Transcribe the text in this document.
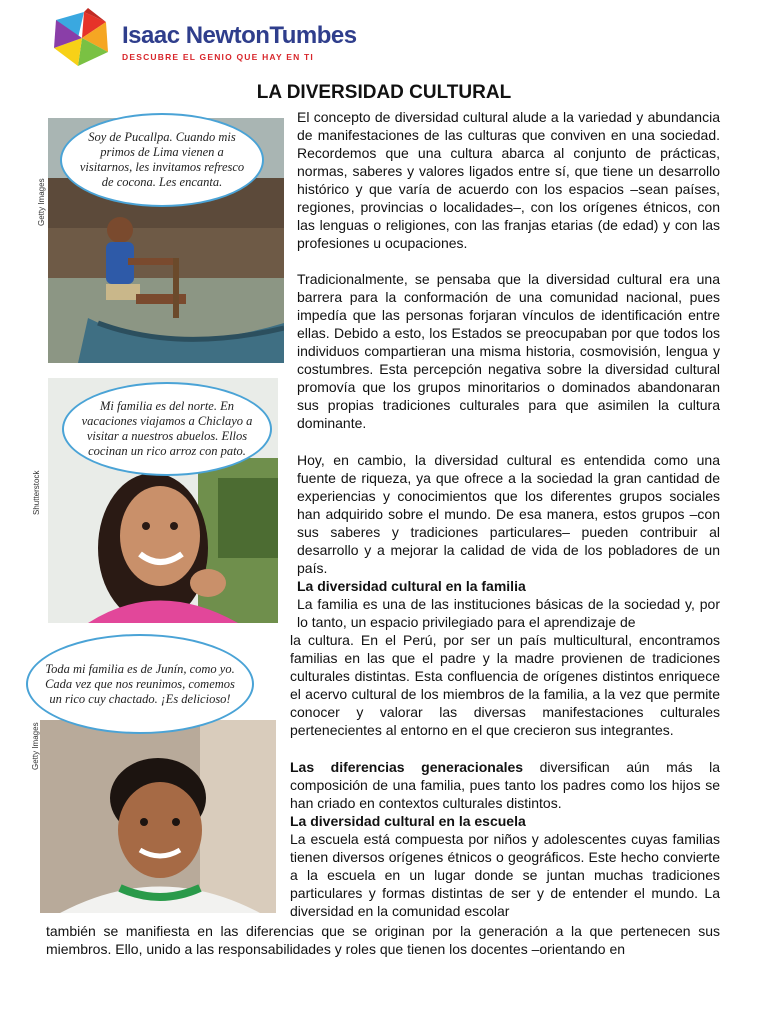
Isaac NewtonTumbes
DESCUBRE EL GENIO QUE HAY EN TI
LA DIVERSIDAD CULTURAL
Getty Images
Soy de Pucallpa. Cuando mis primos de Lima vienen a visitarnos, les invitamos refresco de cocona. Les encanta.
Shutterstock
Mi familia es del norte. En vacaciones viajamos a Chiclayo a visitar a nuestros abuelos. Ellos cocinan un rico arroz con pato.
Getty Images
Toda mi familia es de Junín, como yo. Cada vez que nos reunimos, comemos un rico cuy chactado. ¡Es delicioso!
El concepto de diversidad cultural alude a la variedad y abundancia de manifestaciones de las culturas que conviven en una sociedad. Recordemos que una cultura abarca al conjunto de prácticas, normas, saberes y valores ligados entre sí, que tiene un desarrollo histórico y que varía de acuerdo con los espacios –sean países, regiones, provincias o localidades–, con los orígenes étnicos, con las lenguas o religiones, con las franjas etarias (de edad) y con las profesiones u ocupaciones.
Tradicionalmente, se pensaba que la diversidad cultural era una barrera para la conformación de una comunidad nacional, pues impedía que las personas forjaran vínculos de identificación entre ellas. Debido a esto, los Estados se preocupaban por que todos los individuos compartieran una misma historia, cosmovisión, lengua y costumbres. Esta percepción negativa sobre la diversidad cultural promovía que los grupos minoritarios o dominados abandonaran sus propias tradiciones culturales para que asimilen la cultura dominante.
Hoy, en cambio, la diversidad cultural es entendida como una fuente de riqueza, ya que ofrece a la sociedad la gran cantidad de experiencias y conocimientos que los diferentes grupos sociales han adquirido sobre el mundo. De esa manera, estos grupos –con sus saberes y tradiciones particulares– pueden contribuir al desarrollo y a mejorar la calidad de vida de los pobladores de un país.
La diversidad cultural en la familia
La familia es una de las instituciones básicas de la sociedad y, por lo tanto, un espacio privilegiado para el aprendizaje de
la cultura. En el Perú, por ser un país multicultural, encontramos familias en las que el padre y la madre provienen de tradiciones culturales distintas. Esta confluencia de orígenes distintos enriquece el acervo cultural de los miembros de la familia, a la vez que permite conocer y valorar las diversas manifestaciones culturales pertenecientes al entorno en el que crecieron sus integrantes.
Las diferencias generacionales diversifican aún más la composición de una familia, pues tanto los padres como los hijos se han criado en contextos culturales distintos.
La diversidad cultural en la escuela
La escuela está compuesta por niños y adolescentes cuyas familias tienen diversos orígenes étnicos o geográficos. Este hecho convierte a la escuela en un lugar donde se juntan muchas tradiciones particulares y formas distintas de ser y de entender el mundo. La diversidad en la comunidad escolar
también se manifiesta en las diferencias que se originan por la generación a la que pertenecen sus miembros. Ello, unido a las responsabilidades y roles que tienen los docentes –orientando en
